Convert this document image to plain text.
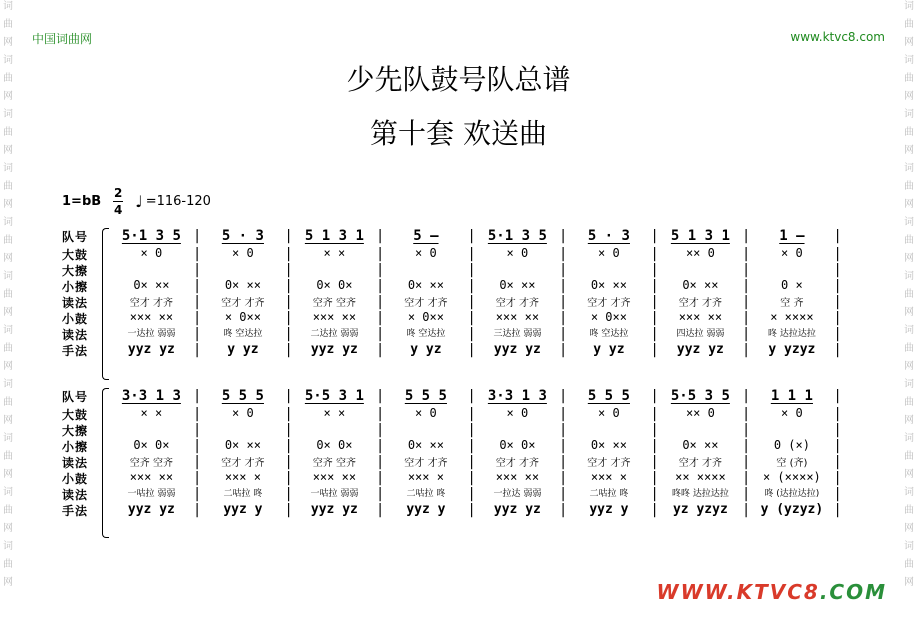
词
曲
网
词
曲
网
词
曲
网
词
曲
网
词
曲
网
词
曲
网
词
曲
网
词
曲
网
词
曲
网
词
曲
网
词
曲
网
词
曲
网
词
曲
网
词
曲
网
词
曲
网
词
曲
网
词
曲
网
词
曲
网
词
曲
网
词
曲
网
词
曲
网
词
曲
网
中国词曲网	www.ktvc8.com
少先队鼓号队总谱
第十套 欢送曲
1=bB
2
4 ♩ =116-120
队号	5·1 3 5 |	5 · 3	| 5 1 3 1 |	5 –	| 5·1 3 5 |	5 · 3	| 5 1 3 1 |	1 –	|
大鼓	× 0	|	× 0	|	× ×	|	× 0	|	× 0	|	× 0	|	×× 0	|	× 0	|
大擦	|	|	|	|	|	|	|	|
小擦	0× ××	|	0× ××	|	0× 0×	|	0× ××	|	0× ××	|	0× ××	|	0× ××	|	0 ×	|
读法	空才 才齐	|	空才 才齐	|	空齐 空齐	|	空才 才齐	|	空才 才齐	|	空才 才齐	|	空才 才齐	|	空 齐	|
小鼓	××× ××	|	× 0××	|	××× ××	|	× 0××	|	××× ××	|	× 0××	|	××× ××	|	× ××××	|
读法	一达拉 弱弱	|	咚 空达拉	|	二达拉 弱弱	|	咚 空达拉	|	三达拉 弱弱	|	咚 空达拉	|	四达拉 弱弱	|	咚 达拉达拉	|
手法	yyz yz	|	y yz	|	yyz yz	|	y yz	|	yyz yz	|	y yz	|	yyz yz	|	y yzyz	|
队号	3·3 1 3 |	5 5 5	| 5·5 3 1 |	5 5 5	| 3·3 1 3 |	5 5 5	| 5·5 3 5 |	1 1 1	|
大鼓	× ×	|	× 0	|	× ×	|	× 0	|	× 0	|	× 0	|	×× 0	|	× 0	|
大擦	|	|	|	|	|	|	|	|
小擦	0× 0×	|	0× ××	|	0× 0×	|	0× ××	|	0× 0×	|	0× ××	|	0× ××	|	0 (×)	|
读法	空齐 空齐	|	空才 才齐	|	空齐 空齐	|	空才 才齐	|	空才 才齐	|	空才 才齐	|	空才 才齐	|	空 (齐)	|
小鼓	××× ××	|	××× ×	|	××× ××	|	××× ×	|	××× ××	|	××× ×	|	×× ××××	|	× (××××)	|
读法	一咕拉 弱弱	|	二咕拉 咚	|	一咕拉 弱弱	|	二咕拉 咚	|	一拉达 弱弱	|	二咕拉 咚	|	咚咚 达拉达拉	|	咚 (达拉达拉)	|
手法	yyz yz	|	yyz y	|	yyz yz	|	yyz y	|	yyz yz	|	yyz y	|	yz yzyz	| y (yzyz) |
WWW.KTVC8.COM
